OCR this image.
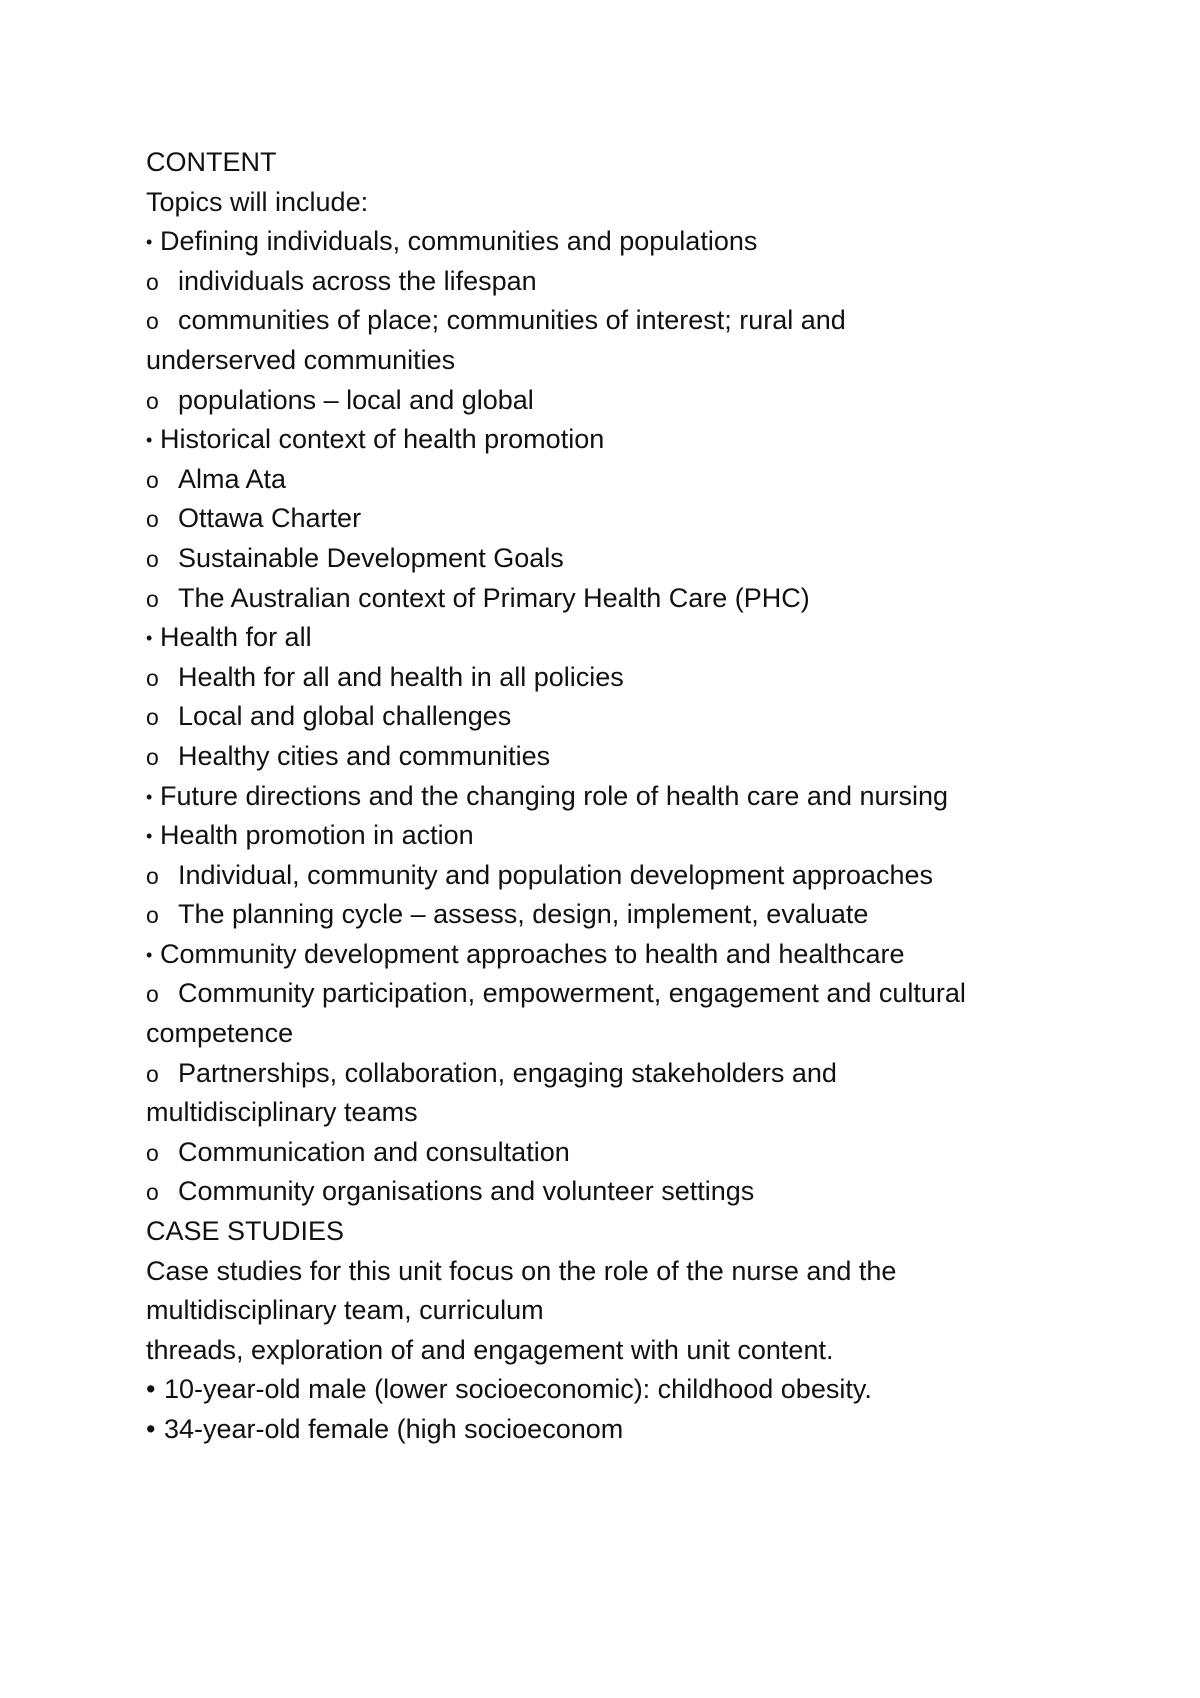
CONTENT
Topics will include:
• Defining individuals, communities and populations
o individuals across the lifespan
o communities of place; communities of interest; rural and
underserved communities
o populations – local and global
• Historical context of health promotion
o Alma Ata
o Ottawa Charter
o Sustainable Development Goals
o The Australian context of Primary Health Care (PHC)
• Health for all
o Health for all and health in all policies
o Local and global challenges
o Healthy cities and communities
• Future directions and the changing role of health care and nursing
• Health promotion in action
o Individual, community and population development approaches
o The planning cycle – assess, design, implement, evaluate
• Community development approaches to health and healthcare
o Community participation, empowerment, engagement and cultural
competence
o Partnerships, collaboration, engaging stakeholders and
multidisciplinary teams
o Communication and consultation
o Community organisations and volunteer settings
CASE STUDIES
Case studies for this unit focus on the role of the nurse and the
multidisciplinary team, curriculum
threads, exploration of and engagement with unit content.
• 10-year-old male (lower socioeconomic): childhood obesity.
• 34-year-old female (high socioeconom
